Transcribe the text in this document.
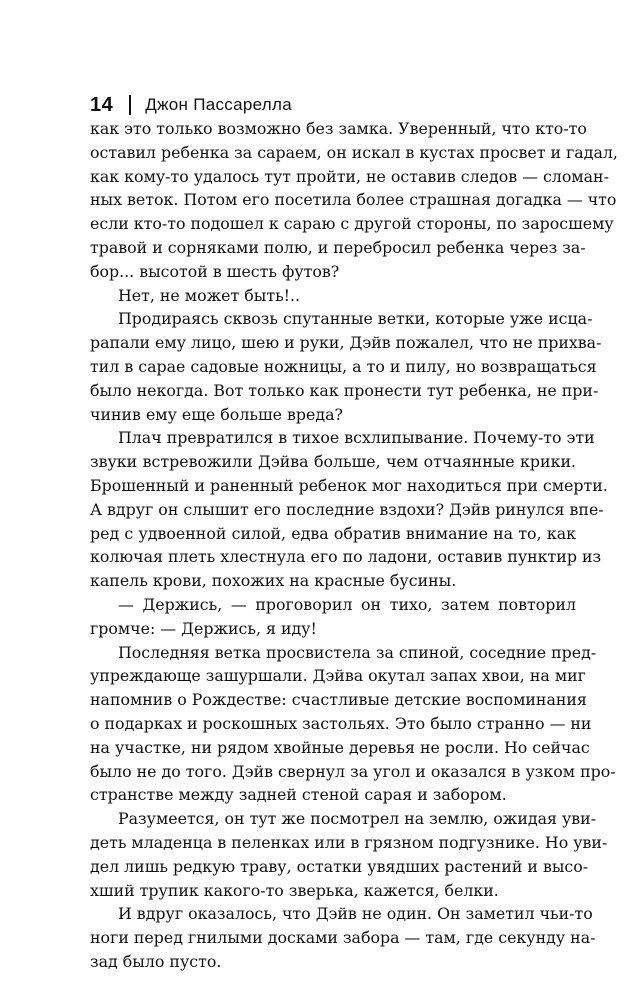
14 Джон Пассарелла
как это только возможно без замка. Уверенный, что кто-то
оставил ребенка за сараем, он искал в кустах просвет и гадал,
как кому-то удалось тут пройти, не оставив следов — сломан-
ных веток. Потом его посетила более страшная догадка — что
если кто-то подошел к сараю с другой стороны, по заросшему
травой и сорняками полю, и перебросил ребенка через за-
бор... высотой в шесть футов?
Нет, не может быть!..
Продираясь сквозь спутанные ветки, которые уже исца-
рапали ему лицо, шею и руки, Дэйв пожалел, что не прихва-
тил в сарае садовые ножницы, а то и пилу, но возвращаться
было некогда. Вот только как пронести тут ребенка, не при-
чинив ему еще больше вреда?
Плач превратился в тихое всхлипывание. Почему-то эти
звуки встревожили Дэйва больше, чем отчаянные крики.
Брошенный и раненный ребенок мог находиться при смерти.
А вдруг он слышит его последние вздохи? Дэйв ринулся впе-
ред с удвоенной силой, едва обратив внимание на то, как
колючая плеть хлестнула его по ладони, оставив пунктир из
капель крови, похожих на красные бусины.
— Держись, — проговорил он тихо, затем повторил
громче: — Держись, я иду!
Последняя ветка просвистела за спиной, соседние пред-
упреждающе зашуршали. Дэйва окутал запах хвои, на миг
напомнив о Рождестве: счастливые детские воспоминания
о подарках и роскошных застольях. Это было странно — ни
на участке, ни рядом хвойные деревья не росли. Но сейчас
было не до того. Дэйв свернул за угол и оказался в узком про-
странстве между задней стеной сарая и забором.
Разумеется, он тут же посмотрел на землю, ожидая уви-
деть младенца в пеленках или в грязном подгузнике. Но уви-
дел лишь редкую траву, остатки увядших растений и высо-
хший трупик какого-то зверька, кажется, белки.
И вдруг оказалось, что Дэйв не один. Он заметил чьи-то
ноги перед гнилыми досками забора — там, где секунду на-
зад было пусто.
